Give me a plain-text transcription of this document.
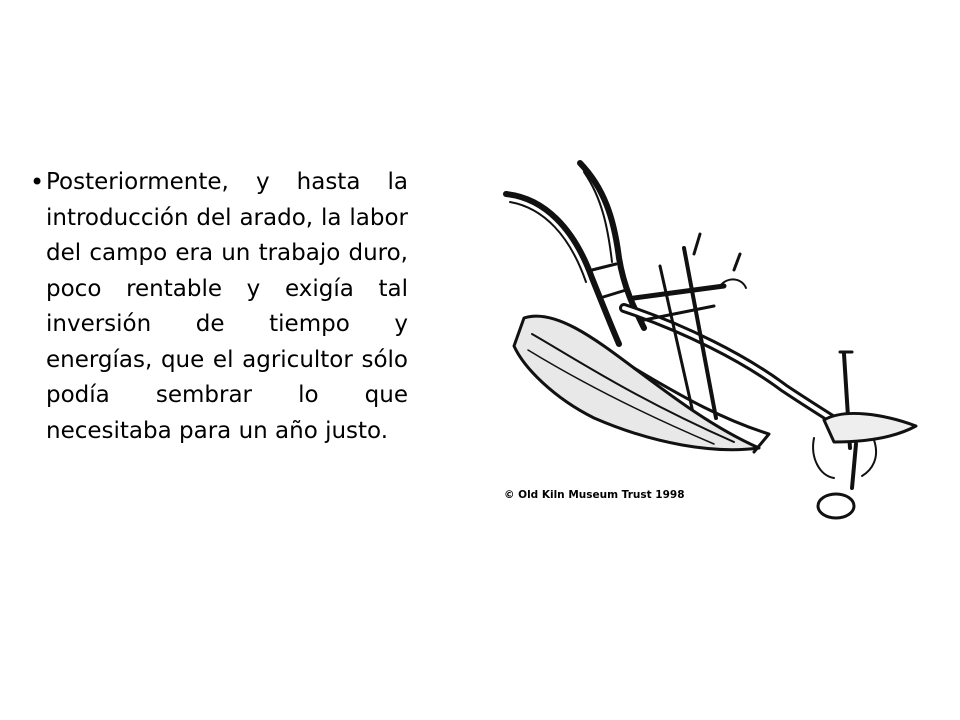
• Posteriormente, y hasta la introducción del arado, la labor del campo era un trabajo duro, poco rentable y exigía tal inversión de tiempo y energías, que el agricultor sólo podía sembrar lo que necesitaba para un año justo.

© Old Kiln Museum Trust 1998
